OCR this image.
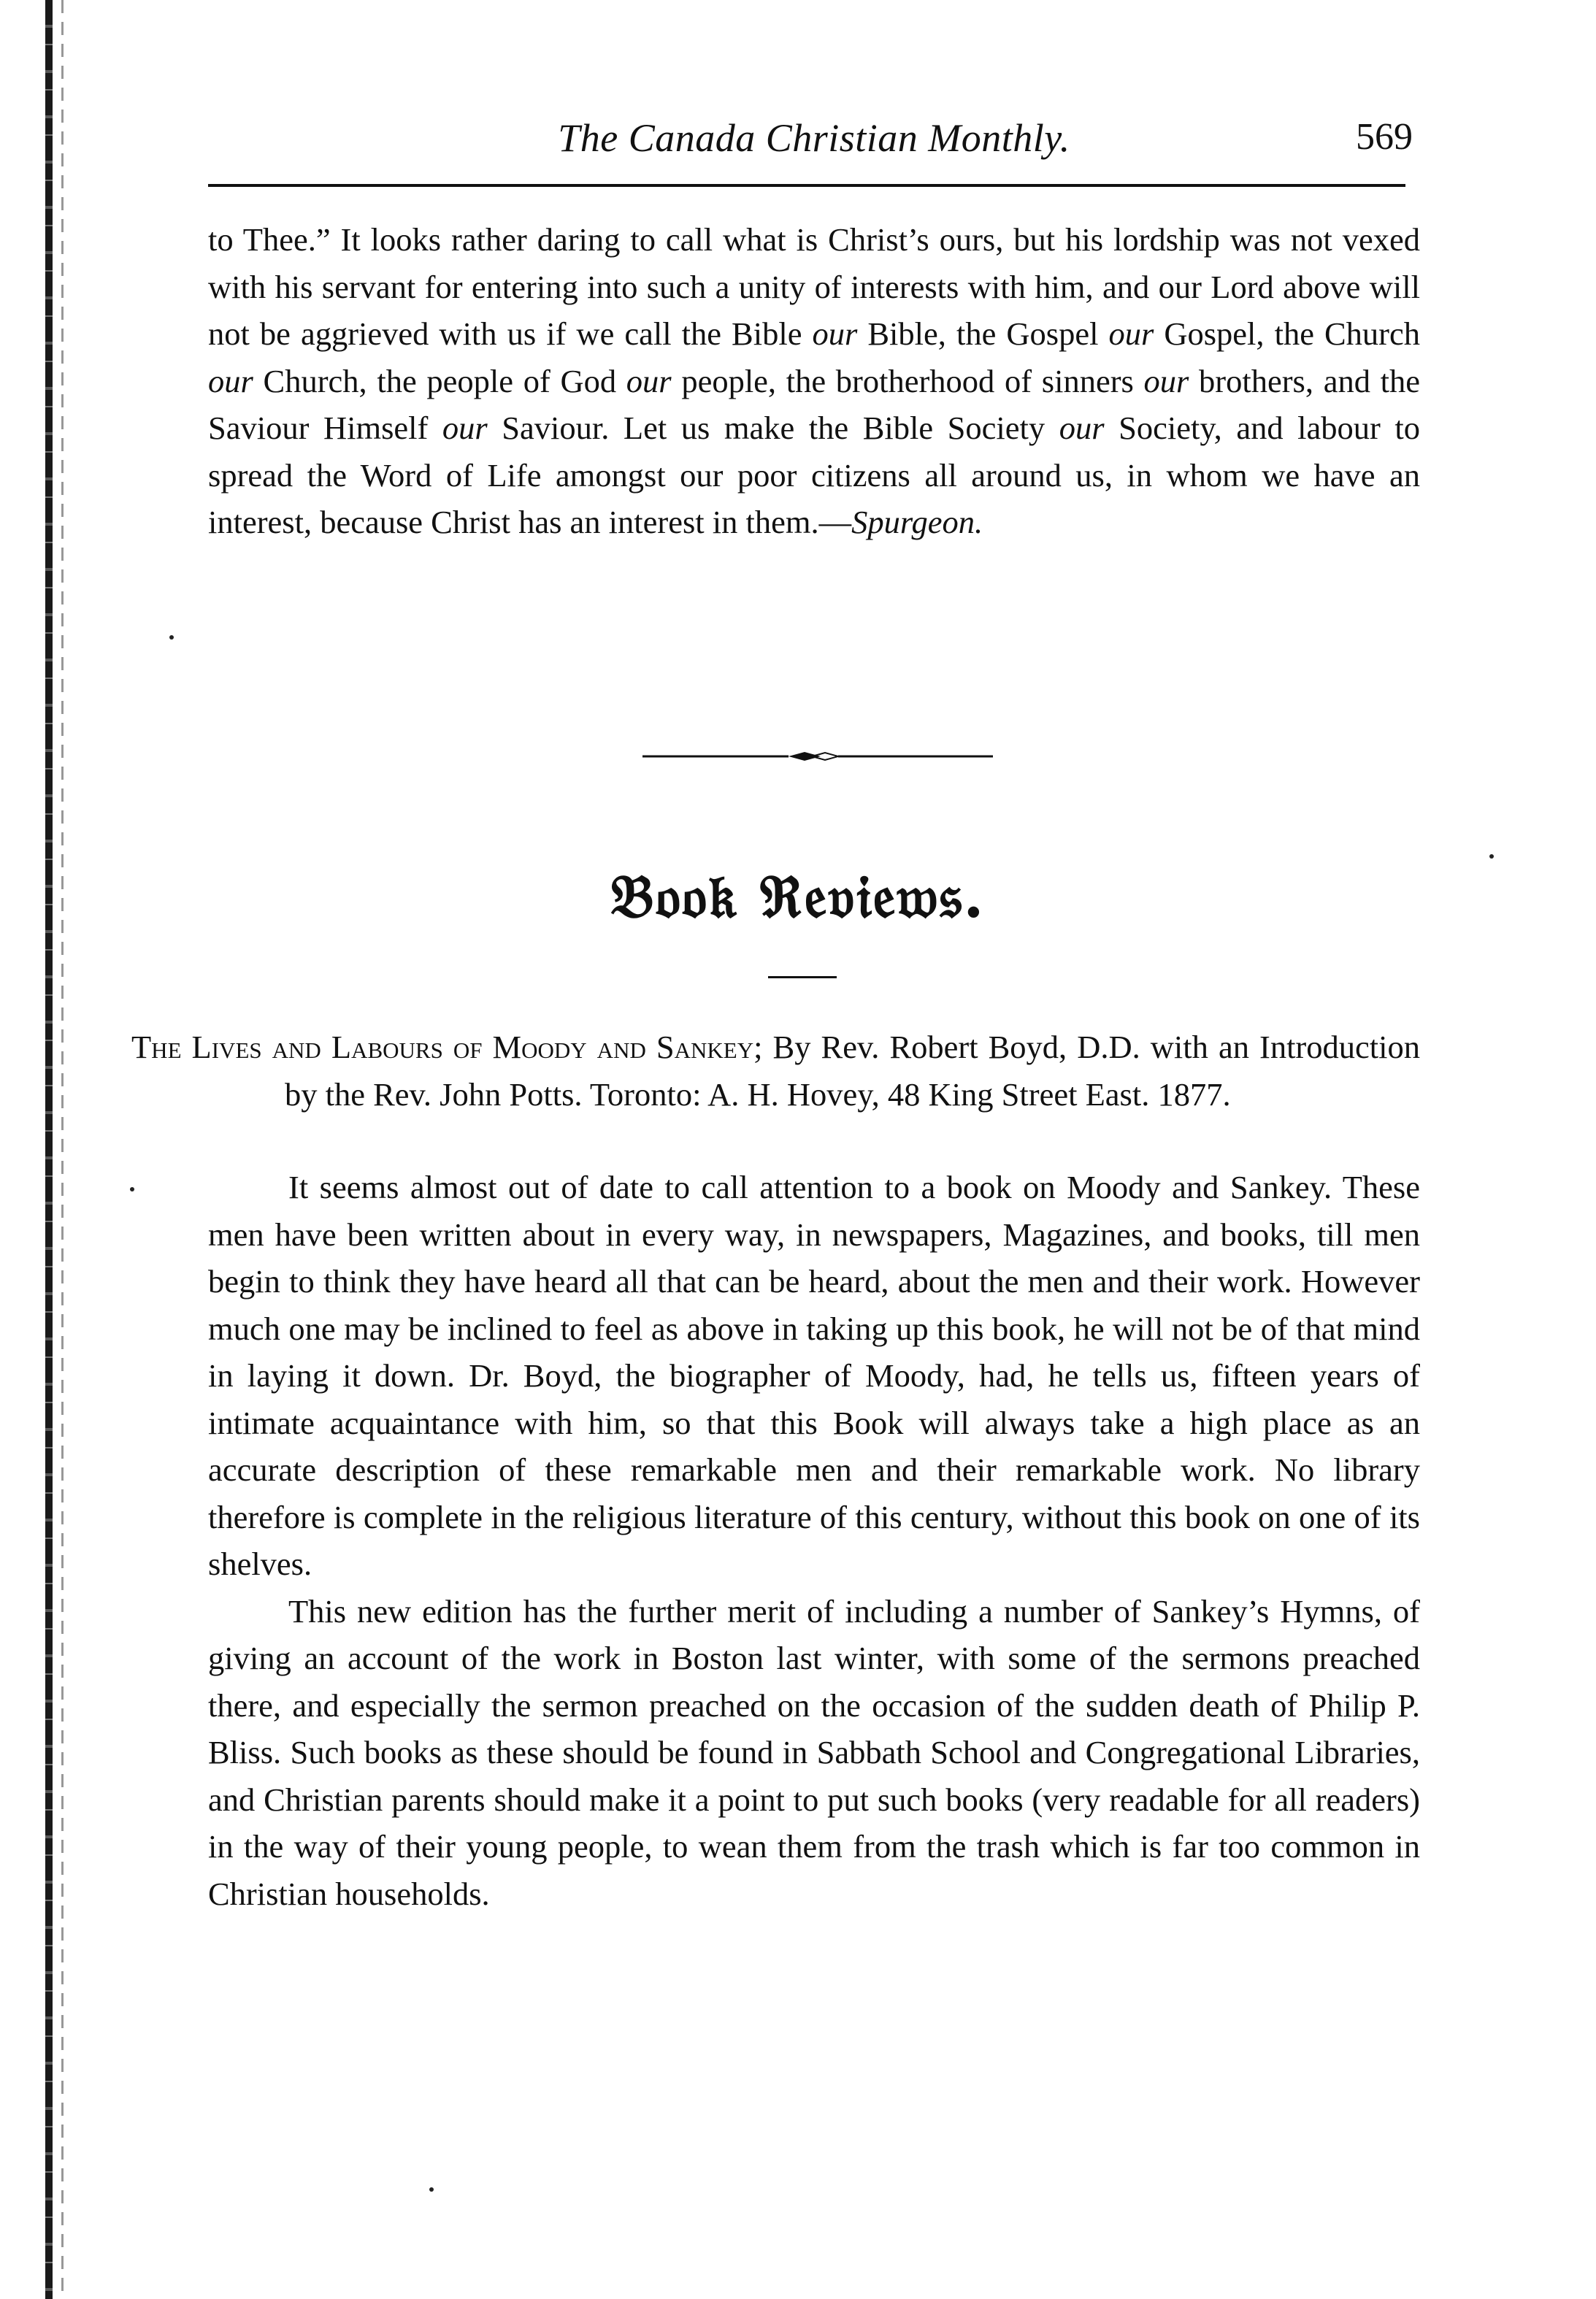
The Canada Christian Monthly.	569

to Thee.” It looks rather daring to call what is Christ’s ours, but his lordship was not vexed with his servant for entering into such a unity of interests with him, and our Lord above will not be aggrieved with us if we call the Bible our Bible, the Gospel our Gospel, the Church our Church, the people of God our people, the brotherhood of sinners our brothers, and the Saviour Himself our Saviour. Let us make the Bible Society our Society, and labour to spread the Word of Life amongst our poor citizens all around us, in whom we have an interest, because Christ has an interest in them.—Spurgeon.

𝔅𝔬𝔬𝔨 ℜ𝔢𝔳𝔦𝔢𝔴𝔰.
The Lives and Labours of Moody and Sankey; By Rev. Robert Boyd, D.D. with an Introduction by the Rev. John Potts. Toronto: A. H. Hovey, 48 King Street East. 1877.

It seems almost out of date to call attention to a book on Moody and Sankey. These men have been written about in every way, in newspapers, Magazines, and books, till men begin to think they have heard all that can be heard, about the men and their work. However much one may be inclined to feel as above in taking up this book, he will not be of that mind in laying it down. Dr. Boyd, the biographer of Moody, had, he tells us, fifteen years of intimate acquaintance with him, so that this Book will always take a high place as an accurate description of these remarkable men and their remarkable work. No library therefore is complete in the religious literature of this century, without this book on one of its shelves.

This new edition has the further merit of including a number of Sankey’s Hymns, of giving an account of the work in Boston last winter, with some of the sermons preached there, and especially the sermon preached on the occasion of the sudden death of Philip P. Bliss. Such books as these should be found in Sabbath School and Congregational Libraries, and Christian parents should make it a point to put such books (very readable for all readers) in the way of their young people, to wean them from the trash which is far too common in Christian households.
